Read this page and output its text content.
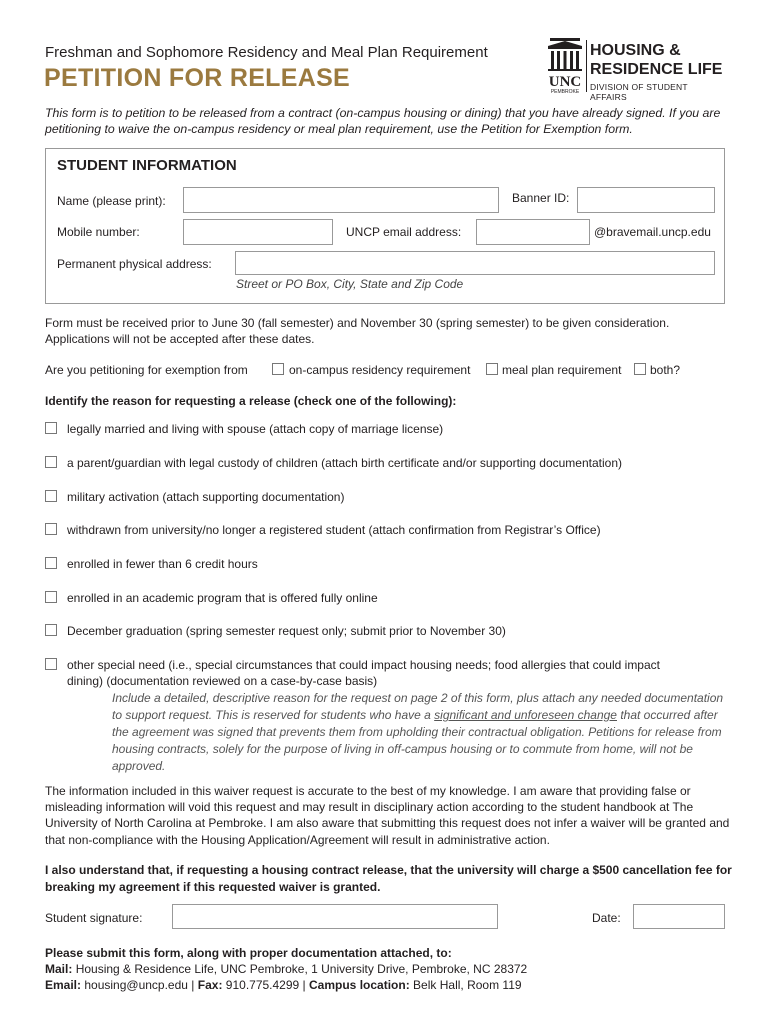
Freshman and Sophomore Residency and Meal Plan Requirement
PETITION FOR RELEASE	UNC
PEMBROKE
HOUSING &
RESIDENCE LIFE
DIVISION OF STUDENT AFFAIRS
This form is to petition to be released from a contract (on-campus housing or dining) that you have already signed. If you are petitioning to waive the on-campus residency or meal plan requirement, use the Petition for Exemption form.
STUDENT INFORMATION
Name (please print):	Banner ID:
Mobile number:	UNCP email address:	@bravemail.uncp.edu
Permanent physical address:
Street or PO Box, City, State and Zip Code
Form must be received prior to June 30 (fall semester) and November 30 (spring semester) to be given consideration.
Applications will not be accepted after these dates.
Are you petitioning for exemption from	on-campus residency requirement	meal plan requirement both?
Identify the reason for requesting a release (check one of the following):
legally married and living with spouse (attach copy of marriage license)
a parent/guardian with legal custody of children (attach birth certificate and/or supporting documentation)
military activation (attach supporting documentation)
withdrawn from university/no longer a registered student (attach confirmation from Registrar’s Office)
enrolled in fewer than 6 credit hours
enrolled in an academic program that is offered fully online
December graduation (spring semester request only; submit prior to November 30)
other special need (i.e., special circumstances that could impact housing needs; food allergies that could impact
dining) (documentation reviewed on a case-by-case basis)
Include a detailed, descriptive reason for the request on page 2 of this form, plus attach any needed documentation to support request. This is reserved for students who have a significant and unforeseen change that occurred after the agreement was signed that prevents them from upholding their contractual obligation. Petitions for release from housing contracts, solely for the purpose of living in off-campus housing or to commute from home, will not be approved.
The information included in this waiver request is accurate to the best of my knowledge. I am aware that providing false or misleading information will void this request and may result in disciplinary action according to the student handbook at The University of North Carolina at Pembroke. I am also aware that submitting this request does not infer a waiver will be granted and that non-compliance with the Housing Application/Agreement will result in administrative action.
I also understand that, if requesting a housing contract release, that the university will charge a $500 cancellation fee for breaking my agreement if this requested waiver is granted.
Student signature:	Date:
Please submit this form, along with proper documentation attached, to:
Mail: Housing & Residence Life, UNC Pembroke, 1 University Drive, Pembroke, NC 28372
Email: housing@uncp.edu | Fax: 910.775.4299 | Campus location: Belk Hall, Room 119
